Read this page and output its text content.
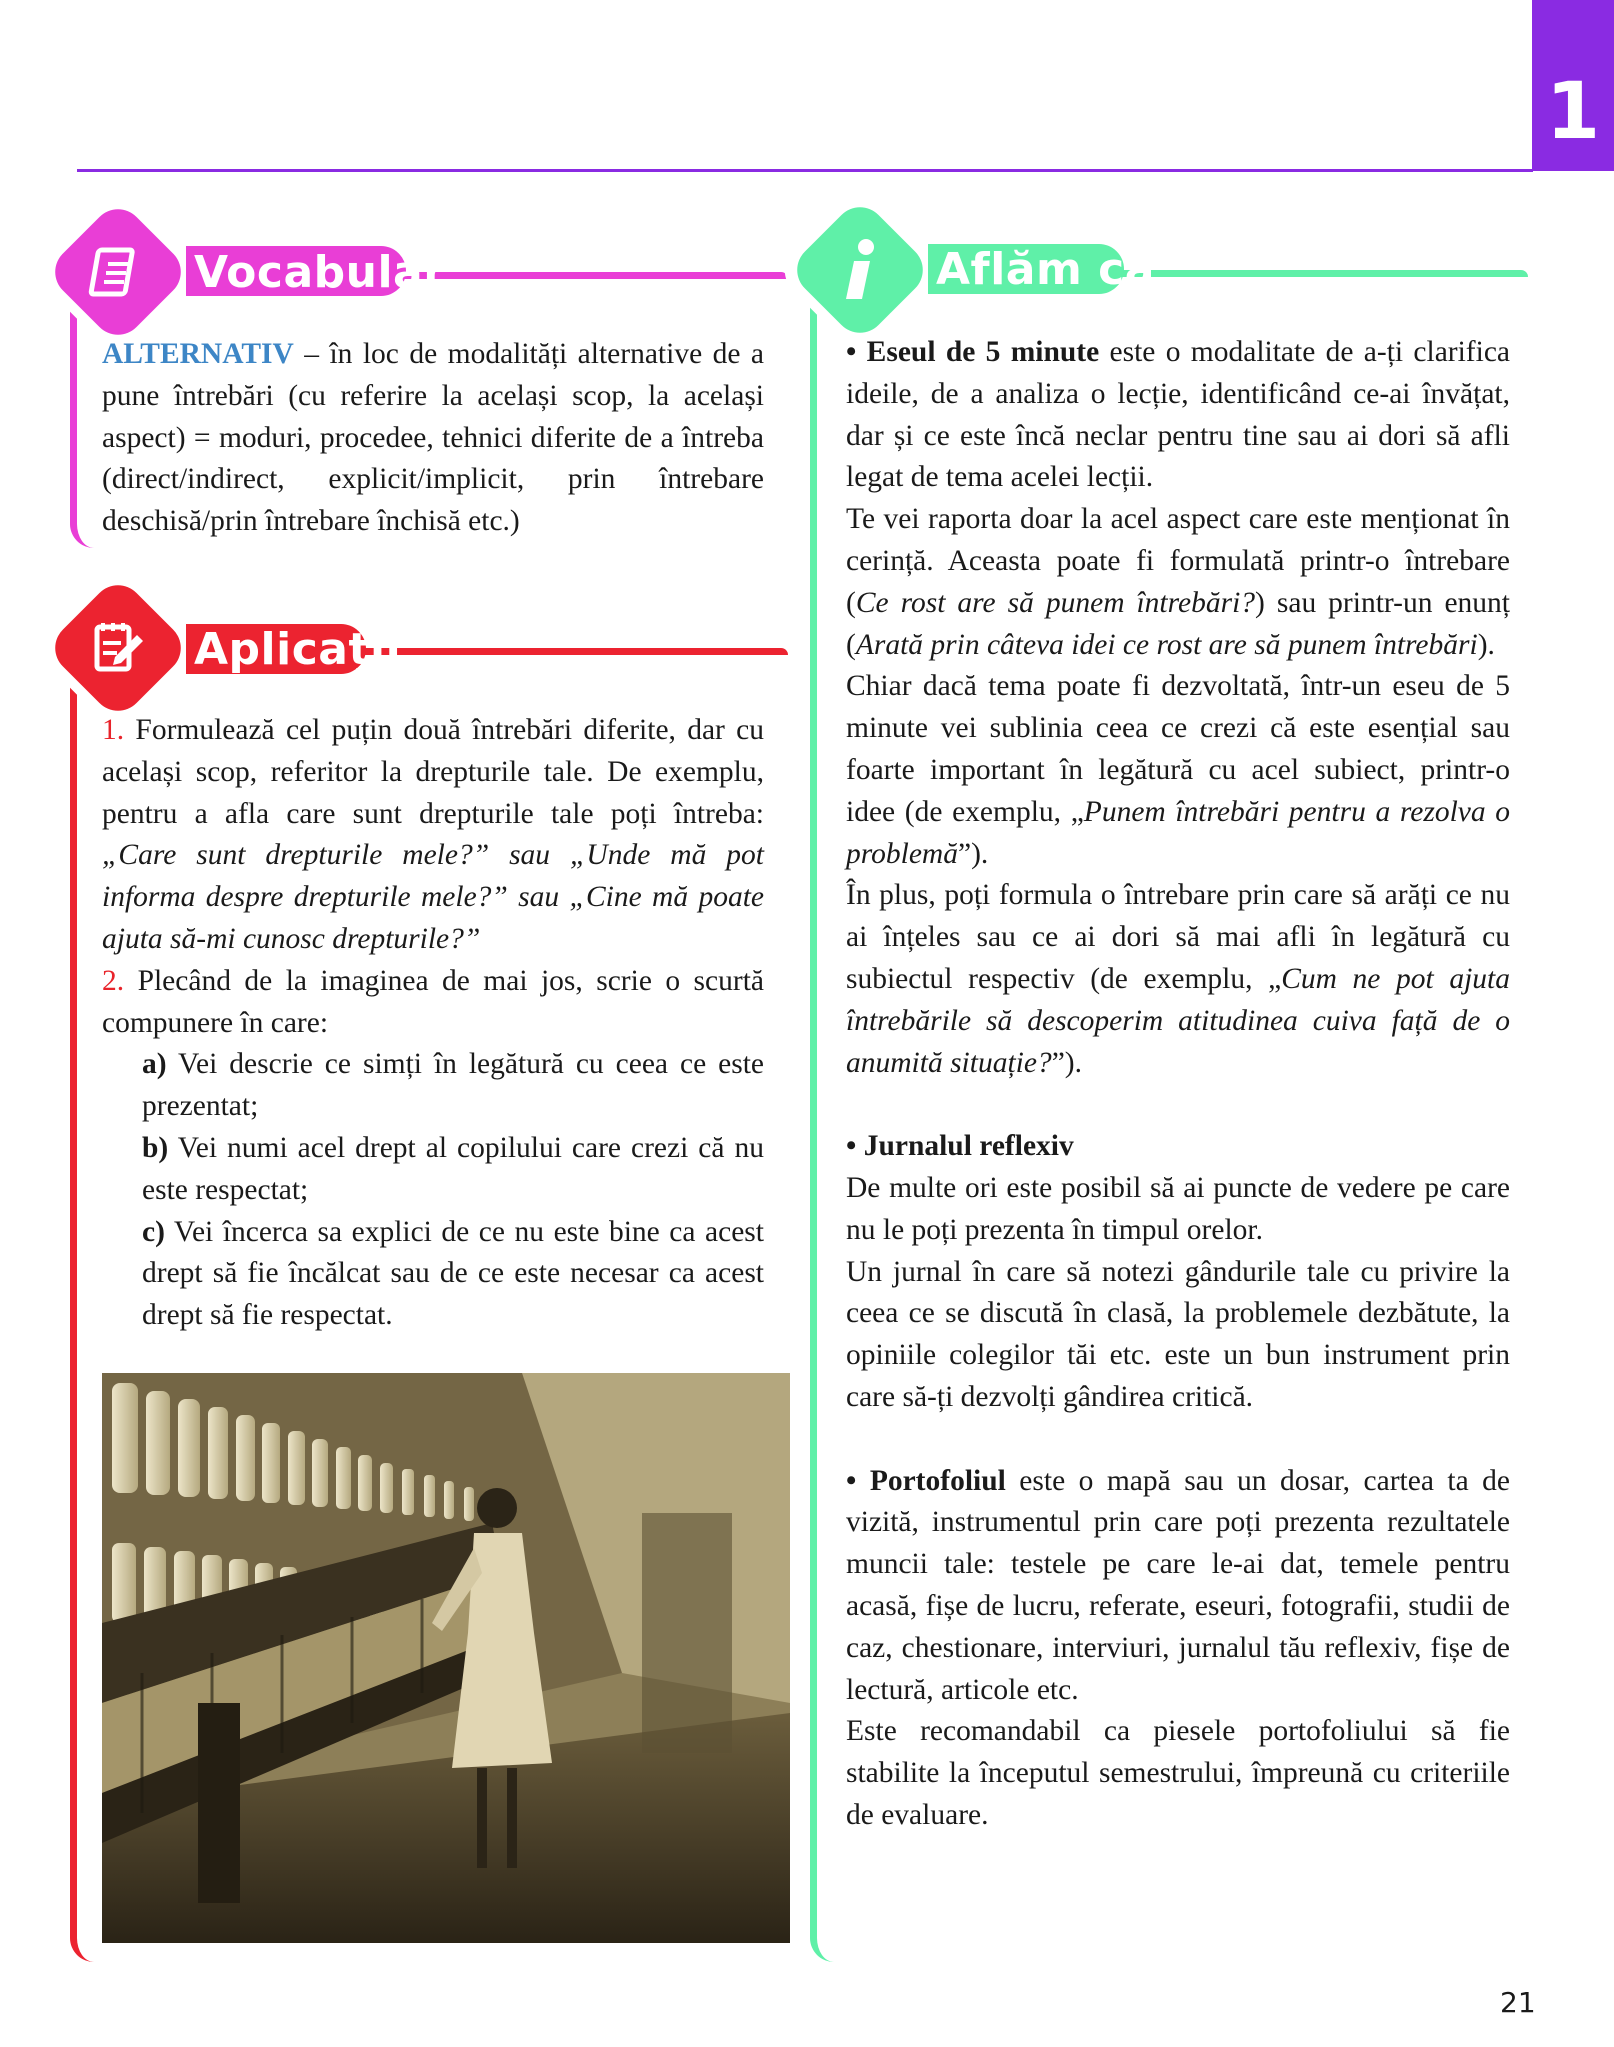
1
Vocabular

ALTERNATIV – în loc de modalități alternative de a pune întrebări (cu referire la același scop, la același aspect) = moduri, procedee, tehnici diferite de a întreba (direct/indirect, explicit/implicit, prin întrebare deschisă/prin întrebare închisă etc.)

Aplicații

1. Formulează cel puțin două întrebări diferite, dar cu același scop, referitor la drepturile tale. De exemplu, pentru a afla care sunt drepturile tale poți întreba: „Care sunt drepturile mele?” sau „Unde mă pot informa despre drepturile mele?” sau „Cine mă poate ajuta să-mi cunosc drepturile?”

2. Plecând de la imaginea de mai jos, scrie o scurtă compunere în care:

a) Vei descrie ce simți în legătură cu ceea ce este prezentat;

b) Vei numi acel drept al copilului care crezi că nu este respectat;

c) Vei încerca sa explici de ce nu este bine ca acest drept să fie încălcat sau de ce este necesar ca acest drept să fie respectat.

Aflăm că

• Eseul de 5 minute este o modalitate de a-ți clarifica ideile, de a analiza o lecție, identificând ce-ai învățat, dar și ce este încă neclar pentru tine sau ai dori să afli legat de tema acelei lecții.

Te vei raporta doar la acel aspect care este menționat în cerință. Aceasta poate fi formulată printr-o întrebare (Ce rost are să punem întrebări?) sau printr-un enunț (Arată prin câteva idei ce rost are să punem întrebări).

Chiar dacă tema poate fi dezvoltată, într-un eseu de 5 minute vei sublinia ceea ce crezi că este esențial sau foarte important în legătură cu acel subiect, printr-o idee (de exemplu, „Punem întrebări pentru a rezolva o problemă”).

În plus, poți formula o întrebare prin care să arăți ce nu ai înțeles sau ce ai dori să mai afli în legătură cu subiectul respectiv (de exemplu, „Cum ne pot ajuta întrebările să descoperim atitudinea cuiva față de o anumită situație?”).

• Jurnalul reflexiv

De multe ori este posibil să ai puncte de vedere pe care nu le poți prezenta în timpul orelor.

Un jurnal în care să notezi gândurile tale cu privire la ceea ce se discută în clasă, la problemele dezbătute, la opiniile colegilor tăi etc. este un bun instrument prin care să-ți dezvolți gândirea critică.

• Portofoliul este o mapă sau un dosar, cartea ta de vizită, instrumentul prin care poți prezenta rezultatele muncii tale: testele pe care le-ai dat, temele pentru acasă, fișe de lucru, referate, eseuri, fotografii, studii de caz, chestionare, interviuri, jurnalul tău reflexiv, fișe de lectură, articole etc.

Este recomandabil ca piesele portofoliului să fie stabilite la începutul semestrului, împreună cu criteriile de evaluare.

21
